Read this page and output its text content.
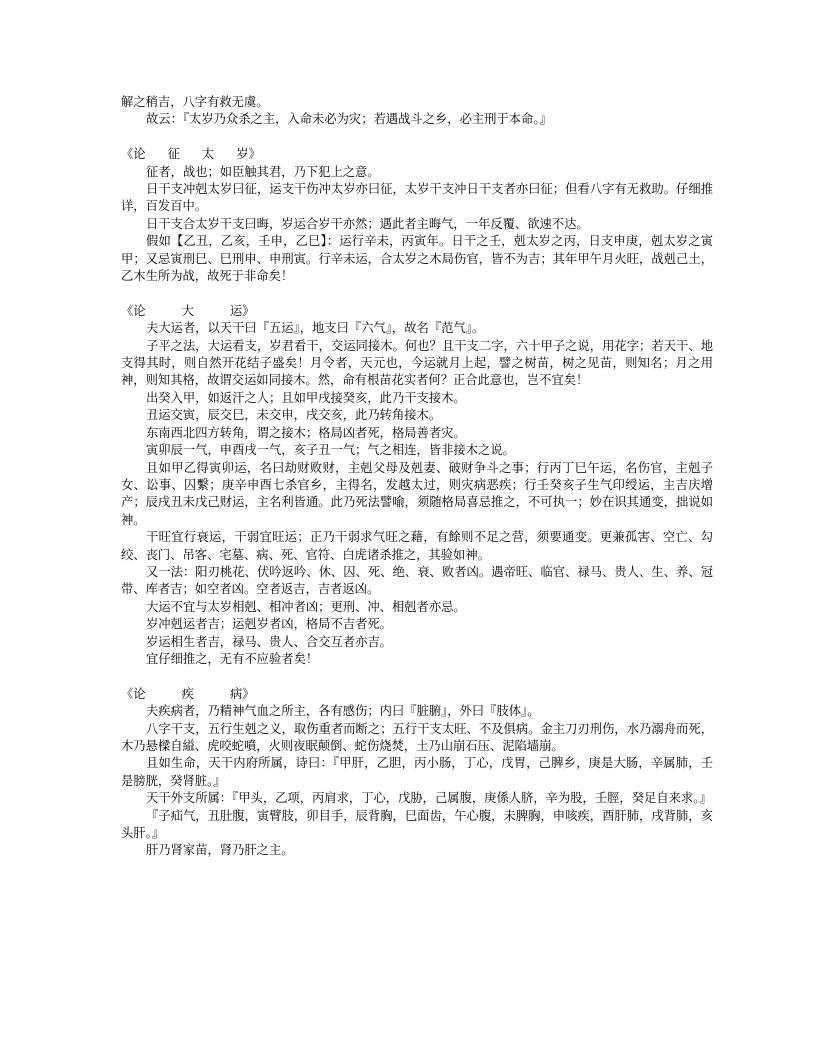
解之稍吉，八字有救无虞。

故云：『太岁乃众杀之主，入命未必为灾；若遇战斗之乡，必主刑于本命。』

《论 征 太 岁》

征者，战也；如臣触其君，乃下犯上之意。

日干支冲剋太岁曰征，运支干伤冲太岁亦曰征，太岁干支冲日干支者亦曰征；但看八字有无救助。仔细推详，百发百中。

日干支合太岁干支曰晦，岁运合岁干亦然；遇此者主晦气，一年反覆、欲速不达。

假如【乙丑，乙亥，壬申，乙巳】：运行辛未，丙寅年。日干之壬，剋太岁之丙，日支申庚，剋太岁之寅甲；又忌寅刑巳、巳刑申、申刑寅。行辛未运，合太岁之木局伤官，皆不为吉；其年甲午月火旺，战剋己土，乙木生所为战，故死于非命矣！

《论	大	运》

夫大运者，以天干曰『五运』，地支曰『六气』，故名『范气』。

子平之法，大运看支，岁君看干，交运同接木。何也？且干支二字，六十甲子之说，用花字；若天干、地支得其时，则自然开花结子盛矣！月令者，天元也，今运就月上起，譬之树苗，树之见苗，则知名；月之用神，则知其格，故谓交运如同接木。然，命有根苗花实者何？正合此意也，岂不宜矣！

出癸入甲，如返汗之人；且如甲戌接癸亥，此乃干支接木。

丑运交寅，辰交巳，未交申，戌交亥，此乃转角接木。

东南西北四方转角，谓之接木；格局凶者死，格局善者灾。

寅卯辰一气，申酉戌一气，亥子丑一气；气之相连，皆非接木之说。

且如甲乙得寅卯运，名曰劫财败财，主剋父母及剋妻、破财争斗之事；行丙丁巳午运，名伤官，主剋子女、讼事、囚繫；庚辛申酉七杀官乡，主得名，发越太过，则灾病恶疾；行壬癸亥子生气印绶运，主吉庆增产；辰戌丑未戊己财运，主名利皆通。此乃死法譬喻，须随格局喜忌推之，不可执一；妙在识其通变，拙说如神。

干旺宜行衰运，干弱宜旺运；正乃干弱求气旺之藉，有餘则不足之营，须要通变。更兼孤害、空亡、勾绞、丧门、吊客、宅墓、病、死、官符、白虎诸杀推之，其验如神。

又一法：阳刃桃花、伏吟返吟、休、囚、死、绝、衰、败者凶。遇帝旺、临官、禄马、贵人、生、养、冠带、库者吉；如空者凶。空者返吉，吉者返凶。

大运不宜与太岁相剋、相冲者凶；更刑、冲、相剋者亦忌。

岁冲剋运者吉；运剋岁者凶，格局不吉者死。

岁运相生者吉，禄马、贵人、合交互者亦吉。

宜仔细推之，无有不应验者矣！

《论	疾	病》

夫疾病者，乃精神气血之所主，各有感伤；内曰『脏腑』，外曰『肢体』。

八字干支，五行生剋之义，取伤重者而断之；五行干支太旺、不及俱病。金主刀刃刑伤，水乃溺舟而死，木乃悬樑自縊、虎咬蛇噴，火则夜眠颠倒、蛇伤烧焚，土乃山崩石压、泥陷墙崩。

且如生命，天干内府所属，诗曰：『甲肝，乙胆，丙小肠，丁心，戊胃，己脾乡，庚是大肠，辛属肺，壬是膀胱，癸肾脏。』

天干外支所属：『甲头，乙项，丙肩求，丁心，戊胁，己属腹，庚係人脐，辛为股，壬脛，癸足自来求。』

『子疝气，丑肚腹，寅臂肢，卯目手，辰背胸，巳面齿，午心腹，未脾胸，申咳疾，酉肝肺，戌背肺，亥头肝。』

肝乃肾家苗，肾乃肝之主。
